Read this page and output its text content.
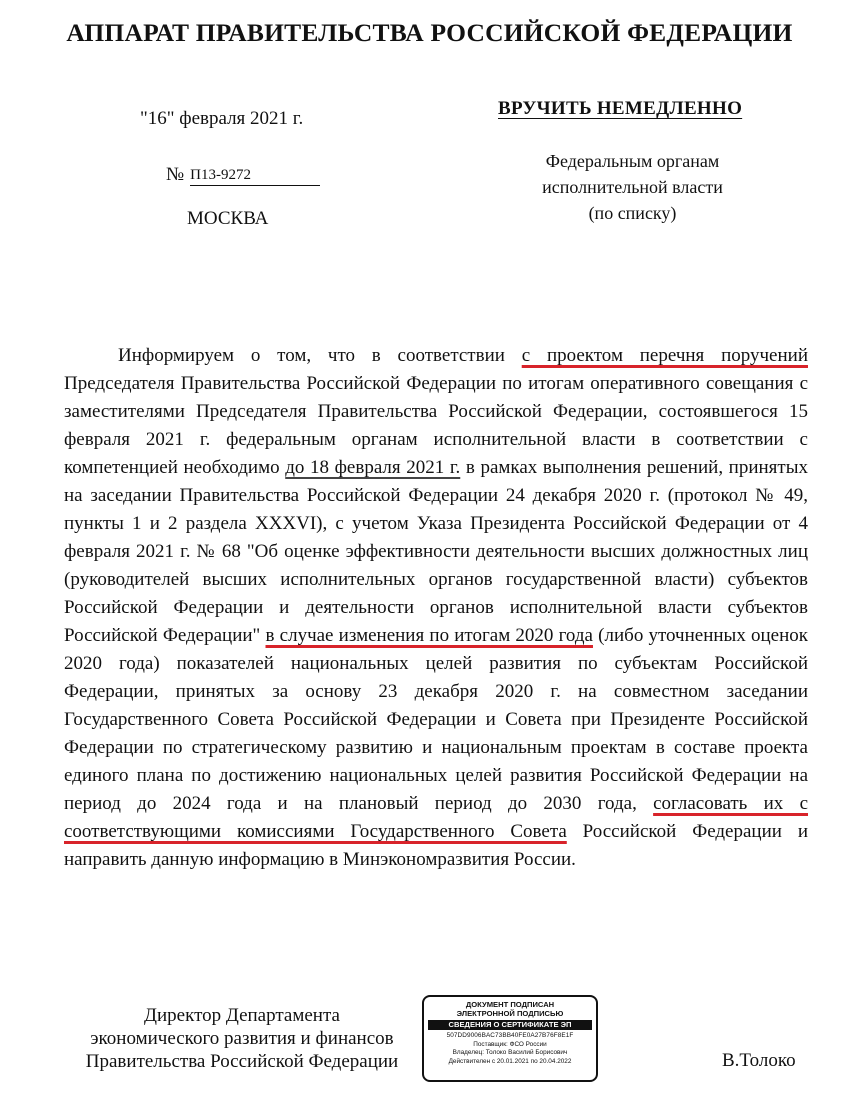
АППАРАТ ПРАВИТЕЛЬСТВА РОССИЙСКОЙ ФЕДЕРАЦИИ
"16" февраля 2021 г.
№ П13-9272
МОСКВА
ВРУЧИТЬ НЕМЕДЛЕННО
Федеральным органам
исполнительной власти
(по списку)

Информируем о том, что в соответствии с проектом перечня поручений Председателя Правительства Российской Федерации по итогам оперативного совещания с заместителями Председателя Правительства Российской Федерации, состоявшегося 15 февраля 2021 г. федеральным органам исполнительной власти в соответствии с компетенцией необходимо до 18 февраля 2021 г. в рамках выполнения решений, принятых на заседании Правительства Российской Федерации 24 декабря 2020 г. (протокол № 49, пункты 1 и 2 раздела XXXVI), с учетом Указа Президента Российской Федерации от 4 февраля 2021 г. № 68 "Об оценке эффективности деятельности высших должностных лиц (руководителей высших исполнительных органов государственной власти) субъектов Российской Федерации и деятельности органов исполнительной власти субъектов Российской Федерации" в случае изменения по итогам 2020 года (либо уточненных оценок 2020 года) показателей национальных целей развития по субъектам Российской Федерации, принятых за основу 23 декабря 2020 г. на совместном заседании Государственного Совета Российской Федерации и Совета при Президенте Российской Федерации по стратегическому развитию и национальным проектам в составе проекта единого плана по достижению национальных целей развития Российской Федерации на период до 2024 года и на плановый период до 2030 года, согласовать их с соответствующими комиссиями Государственного Совета Российской Федерации и направить данную информацию в Минэкономразвития России.

Директор Департамента
экономического развития и финансов
Правительства Российской Федерации
ДОКУМЕНТ ПОДПИСАН
ЭЛЕКТРОННОЙ ПОДПИСЬЮ
СВЕДЕНИЯ О СЕРТИФИКАТЕ ЭП
507DD9006BAC73BB40FE0A27B76F8E1F
Поставщик: ФСО России
Владелец: Толоко Василий Борисович
Действителен с 20.01.2021 по 20.04.2022	В.Толоко
